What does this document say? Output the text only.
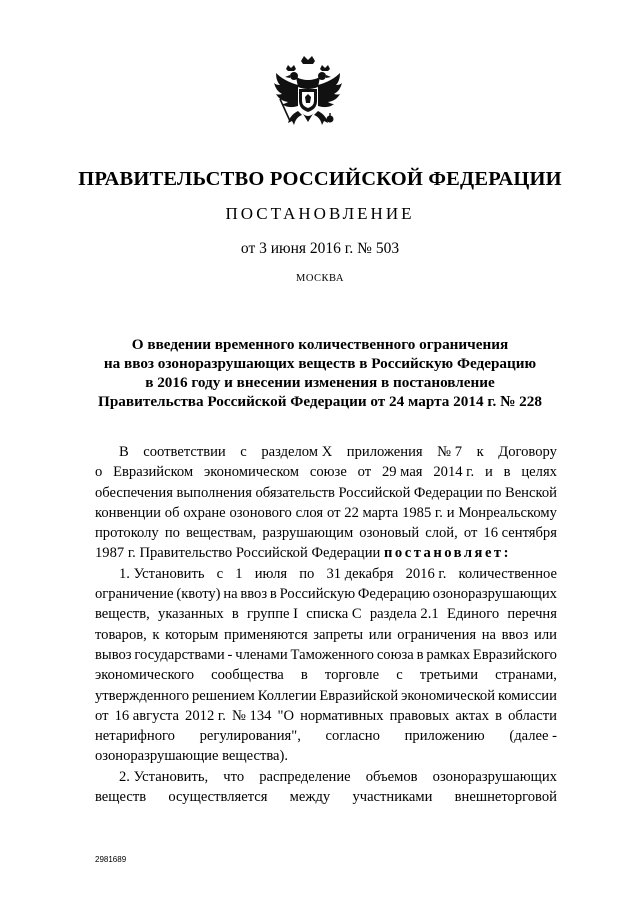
ПРАВИТЕЛЬСТВО РОССИЙСКОЙ ФЕДЕРАЦИИ
ПОСТАНОВЛЕНИЕ
от 3 июня 2016 г. № 503
МОСКВА
О введении временного количественного ограничения
на ввоз озоноразрушающих веществ в Российскую Федерацию
в 2016 году и внесении изменения в постановление
Правительства Российской Федерации от 24 марта 2014 г. № 228
В соответствии с разделом X приложения № 7 к Договору
о Евразийском экономическом союзе от 29 мая 2014 г. и в целях
обеспечения выполнения обязательств Российской Федерации по Венской
конвенции об охране озонового слоя от 22 марта 1985 г. и Монреальскому
протоколу по веществам, разрушающим озоновый слой, от 16 сентября
1987 г. Правительство Российской Федерации постановляет:
1. Установить с 1 июля по 31 декабря 2016 г. количественное
ограничение (квоту) на ввоз в Российскую Федерацию озоноразрушающих
веществ, указанных в группе I списка C раздела 2.1 Единого перечня
товаров, к которым применяются запреты или ограничения на ввоз или
вывоз государствами - членами Таможенного союза в рамках Евразийского
экономического сообщества в торговле с третьими странами,
утвержденного решением Коллегии Евразийской экономической комиссии
от 16 августа 2012 г. № 134 "О нормативных правовых актах в области
нетарифного регулирования", согласно приложению (далее -
озоноразрушающие вещества).
2. Установить, что распределение объемов озоноразрушающих
веществ осуществляется между участниками внешнеторговой
2981689
